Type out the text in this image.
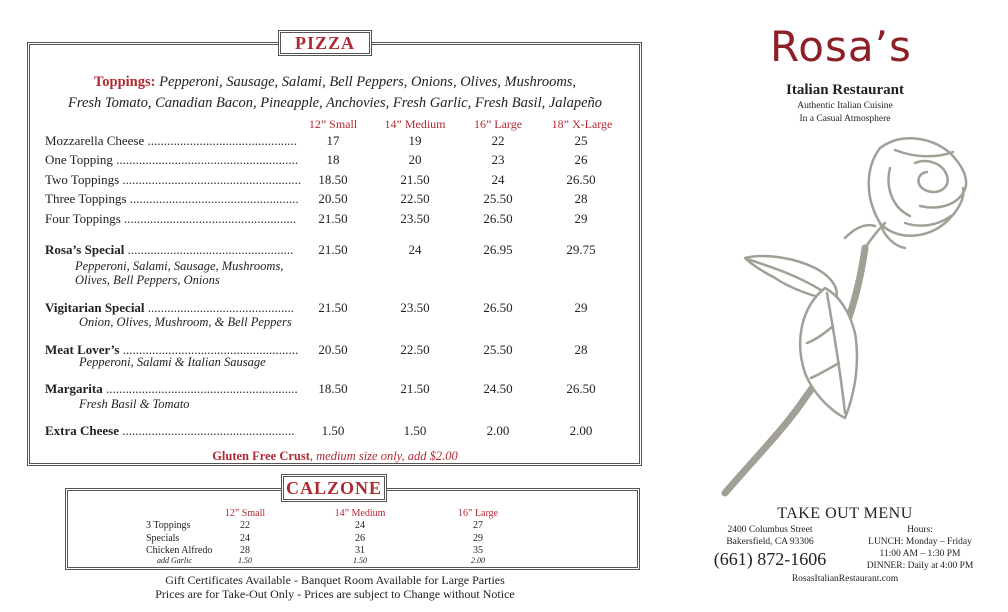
PIZZA
Toppings: Pepperoni, Sausage, Salami, Bell Peppers, Onions, Olives, Mushrooms,
Fresh Tomato, Canadian Bacon, Pineapple, Anchovies, Fresh Garlic, Fresh Basil, Jalapeño
12” Small	14” Medium	16” Large	18” X-Large
Mozzarella Cheese ..............................................	17	19	22	25
One Topping ........................................................	18	20	23	26
Two Toppings .......................................................	18.50	21.50	24	26.50
Three Toppings ....................................................	20.50	22.50	25.50	28
Four Toppings .....................................................	21.50	23.50	26.50	29
Rosa’s Special ...................................................	21.50	24	26.95	29.75
Pepperoni, Salami, Sausage, Mushrooms,
Olives, Bell Peppers, Onions
Vigitarian Special .............................................	21.50	23.50	26.50	29
Onion, Olives, Mushroom, & Bell Peppers
Meat Lover’s ......................................................	20.50	22.50	25.50	28
Pepperoni, Salami & Italian Sausage
Margarita ...........................................................	18.50	21.50	24.50	26.50
Fresh Basil & Tomato
Extra Cheese .....................................................	1.50	1.50	2.00	2.00
Gluten Free Crust, medium size only, add $2.00
CALZONE
12” Small	14” Medium	16” Large
3 Toppings	22	24	27
Specials	24	26	29
Chicken Alfredo	28	31	35
add Garlic	1.50	1.50	2.00
Gift Certificates Available - Banquet Room Available for Large Parties
Prices are for Take-Out Only - Prices are subject to Change without Notice
Rosa’s
Italian Restaurant
Authentic Italian Cuisine
In a Casual Atmosphere
TAKE OUT MENU
2400 Columbus Street
Bakersfield, CA 93306
(661) 872-1606
Hours:
LUNCH: Monday – Friday
11:00 AM – 1:30 PM
DINNER: Daily at 4:00 PM
RosasItalianRestaurant.com
